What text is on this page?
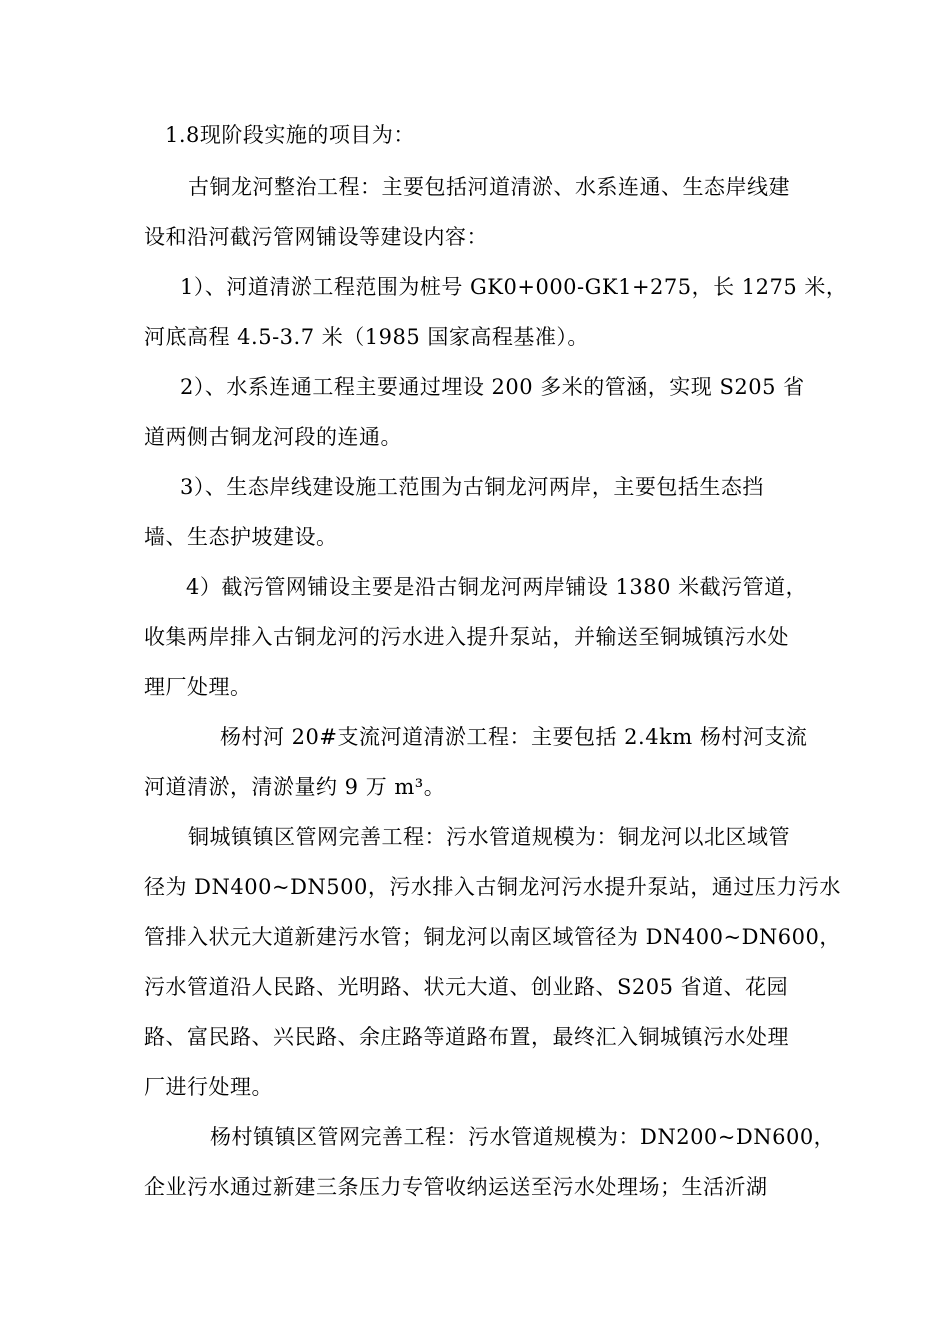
1.8现阶段实施的项目为：
古铜龙河整治工程：主要包括河道清淤、水系连通、生态岸线建
设和沿河截污管网铺设等建设内容：
1）、河道清淤工程范围为桩号 GK0+000-GK1+275，长 1275 米，
河底高程 4.5-3.7 米（1985 国家高程基准）。
2）、水系连通工程主要通过埋设 200 多米的管涵，实现 S205 省
道两侧古铜龙河段的连通。
3）、生态岸线建设施工范围为古铜龙河两岸，主要包括生态挡
墙、生态护坡建设。
4）截污管网铺设主要是沿古铜龙河两岸铺设 1380 米截污管道，
收集两岸排入古铜龙河的污水进入提升泵站，并输送至铜城镇污水处
理厂处理。
杨村河 20#支流河道清淤工程：主要包括 2.4km 杨村河支流
河道清淤，清淤量约 9 万 m³。
铜城镇镇区管网完善工程：污水管道规模为：铜龙河以北区域管
径为 DN400~DN500，污水排入古铜龙河污水提升泵站，通过压力污水
管排入状元大道新建污水管；铜龙河以南区域管径为 DN400~DN600，
污水管道沿人民路、光明路、状元大道、创业路、S205 省道、花园
路、富民路、兴民路、余庄路等道路布置，最终汇入铜城镇污水处理
厂进行处理。
杨村镇镇区管网完善工程：污水管道规模为：DN200~DN600，
企业污水通过新建三条压力专管收纳运送至污水处理场；生活沂湖
